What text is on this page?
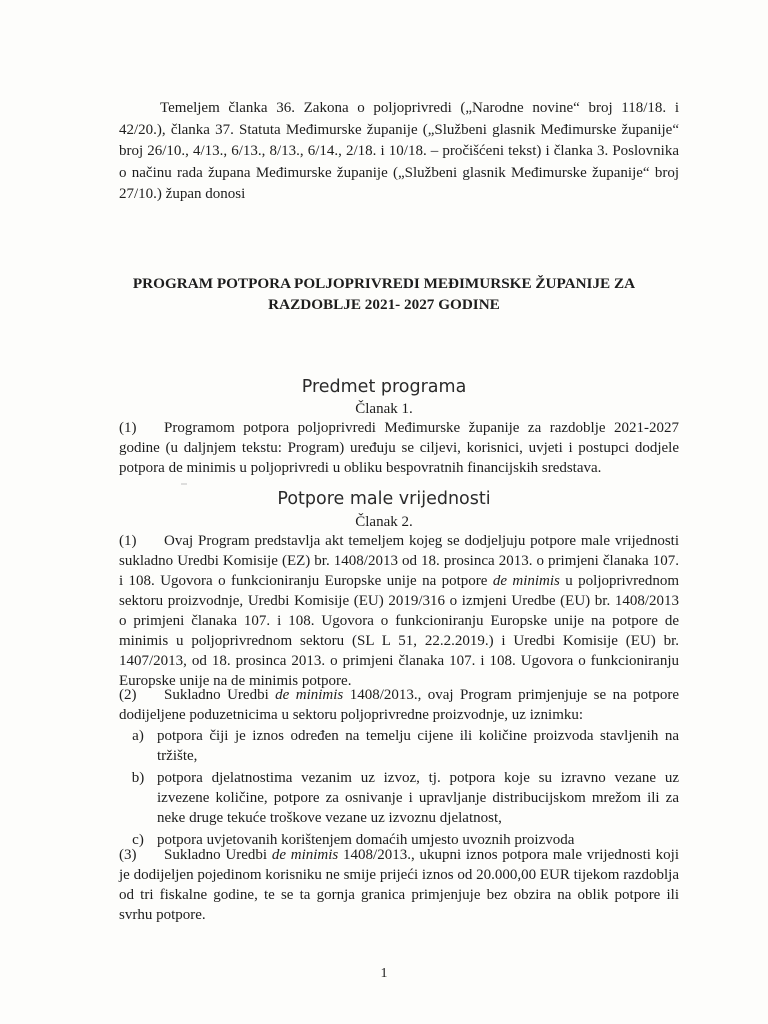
Temeljem članka 36. Zakona o poljoprivredi („Narodne novine“ broj 118/18. i 42/20.), članka 37. Statuta Međimurske županije („Službeni glasnik Međimurske županije“ broj 26/10., 4/13., 6/13., 8/13., 6/14., 2/18. i 10/18. – pročišćeni tekst) i članka 3. Poslovnika o načinu rada župana Međimurske županije („Službeni glasnik Međimurske županije“ broj 27/10.) župan donosi
PROGRAM POTPORA POLJOPRIVREDI MEĐIMURSKE ŽUPANIJE ZA
RAZDOBLJE 2021- 2027 GODINE
Predmet programa
Članak 1.
(1) Programom potpora poljoprivredi Međimurske županije za razdoblje 2021-2027 godine (u daljnjem tekstu: Program) uređuju se ciljevi, korisnici, uvjeti i postupci dodjele potpora de minimis u poljoprivredi u obliku bespovratnih financijskih sredstava.
Potpore male vrijednosti
Članak 2.
(1) Ovaj Program predstavlja akt temeljem kojeg se dodjeljuju potpore male vrijednosti sukladno Uredbi Komisije (EZ) br. 1408/2013 od 18. prosinca 2013. o primjeni članaka 107. i 108. Ugovora o funkcioniranju Europske unije na potpore de minimis u poljoprivrednom sektoru proizvodnje, Uredbi Komisije (EU) 2019/316 o izmjeni Uredbe (EU) br. 1408/2013 o primjeni članaka 107. i 108. Ugovora o funkcioniranju Europske unije na potpore de minimis u poljoprivrednom sektoru (SL L 51, 22.2.2019.) i Uredbi Komisije (EU) br. 1407/2013, od 18. prosinca 2013. o primjeni članaka 107. i 108. Ugovora o funkcioniranju Europske unije na de minimis potpore.
(2) Sukladno Uredbi de minimis 1408/2013., ovaj Program primjenjuje se na potpore dodijeljene poduzetnicima u sektoru poljoprivredne proizvodnje, uz iznimku:
a) potpora čiji je iznos određen na temelju cijene ili količine proizvoda stavljenih na tržište,
b) potpora djelatnostima vezanim uz izvoz, tj. potpora koje su izravno vezane uz izvezene količine, potpore za osnivanje i upravljanje distribucijskom mrežom ili za neke druge tekuće troškove vezane uz izvoznu djelatnost,
c) potpora uvjetovanih korištenjem domaćih umjesto uvoznih proizvoda
(3) Sukladno Uredbi de minimis 1408/2013., ukupni iznos potpora male vrijednosti koji je dodijeljen pojedinom korisniku ne smije prijeći iznos od 20.000,00 EUR tijekom razdoblja od tri fiskalne godine, te se ta gornja granica primjenjuje bez obzira na oblik potpore ili svrhu potpore.
1
